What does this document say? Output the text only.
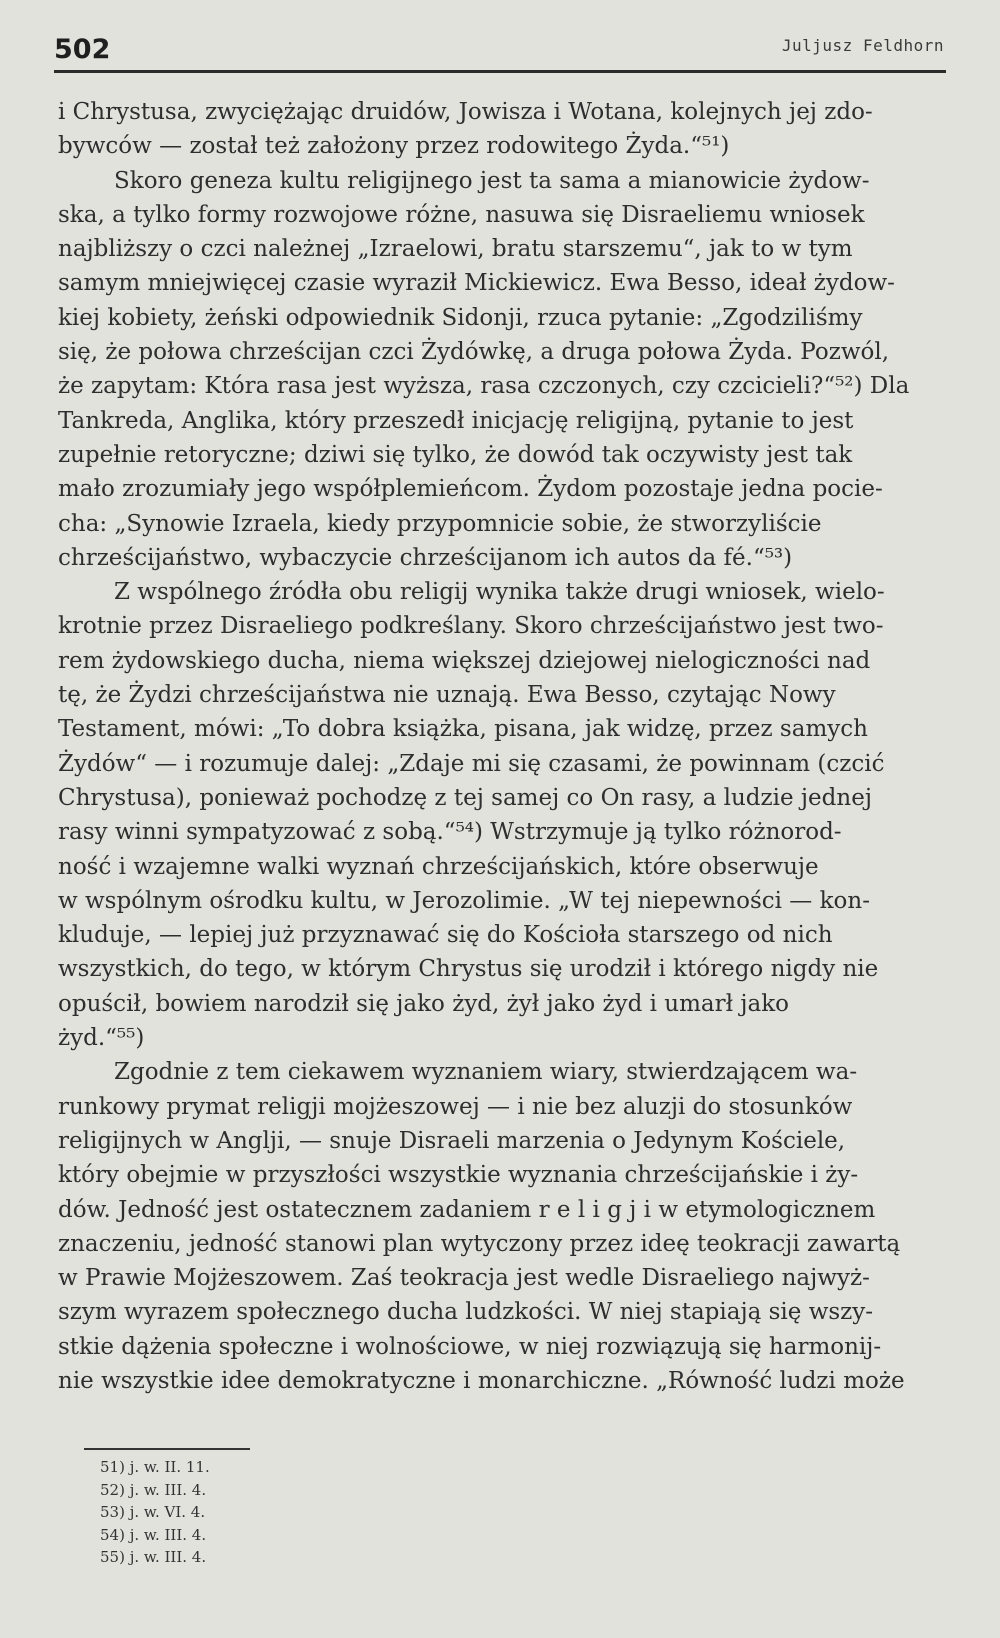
502	Juljusz Feldhorn
i Chrystusa, zwyciężając druidów, Jowisza i Wotana, kolejnych jej zdo-
bywców — został też założony przez rodowitego Żyda.“⁵¹)
Skoro geneza kultu religijnego jest ta sama a mianowicie żydow-
ska, a tylko formy rozwojowe różne, nasuwa się Disraeliemu wniosek
najbliższy o czci należnej „Izraelowi, bratu starszemu“, jak to w tym
samym mniejwięcej czasie wyraził Mickiewicz. Ewa Besso, ideał żydow-
kiej kobiety, żeński odpowiednik Sidonji, rzuca pytanie: „Zgodziliśmy
się, że połowa chrześcijan czci Żydówkę, a druga połowa Żyda. Pozwól,
że zapytam: Która rasa jest wyższa, rasa czczonych, czy czcicieli?“⁵²) Dla
Tankreda, Anglika, który przeszedł inicjację religijną, pytanie to jest
zupełnie retoryczne; dziwi się tylko, że dowód tak oczywisty jest tak
mało zrozumiały jego współplemieńcom. Żydom pozostaje jedna pocie-
cha: „Synowie Izraela, kiedy przypomnicie sobie, że stworzyliście
chrześcijaństwo, wybaczycie chrześcijanom ich autos da fé.“⁵³)
Z wspólnego źródła obu religij wynika także drugi wniosek, wielo-
krotnie przez Disraeliego podkreślany. Skoro chrześcijaństwo jest two-
rem żydowskiego ducha, niema większej dziejowej nielogiczności nad
tę, że Żydzi chrześcijaństwa nie uznają. Ewa Besso, czytając Nowy
Testament, mówi: „To dobra książka, pisana, jak widzę, przez samych
Żydów“ — i rozumuje dalej: „Zdaje mi się czasami, że powinnam (czcić
Chrystusa), ponieważ pochodzę z tej samej co On rasy, a ludzie jednej
rasy winni sympatyzować z sobą.“⁵⁴) Wstrzymuje ją tylko różnorod-
ność i wzajemne walki wyznań chrześcijańskich, które obserwuje
w wspólnym ośrodku kultu, w Jerozolimie. „W tej niepewności — kon-
kluduje, — lepiej już przyznawać się do Kościoła starszego od nich
wszystkich, do tego, w którym Chrystus się urodził i którego nigdy nie
opuścił, bowiem narodził się jako żyd, żył jako żyd i umarł jako
żyd.“⁵⁵)
Zgodnie z tem ciekawem wyznaniem wiary, stwierdzającem wa-
runkowy prymat religji mojżeszowej — i nie bez aluzji do stosunków
religijnych w Anglji, — snuje Disraeli marzenia o Jedynym Kościele,
który obejmie w przyszłości wszystkie wyznania chrześcijańskie i ży-
dów. Jedność jest ostatecznem zadaniem r e l i g j i w etymologicznem
znaczeniu, jedność stanowi plan wytyczony przez ideę teokracji zawartą
w Prawie Mojżeszowem. Zaś teokracja jest wedle Disraeliego najwyż-
szym wyrazem społecznego ducha ludzkości. W niej stapiają się wszy-
stkie dążenia społeczne i wolnościowe, w niej rozwiązują się harmonij-
nie wszystkie idee demokratyczne i monarchiczne. „Równość ludzi może
51) j. w. II. 11.
52) j. w. III. 4.
53) j. w. VI. 4.
54) j. w. III. 4.
55) j. w. III. 4.
